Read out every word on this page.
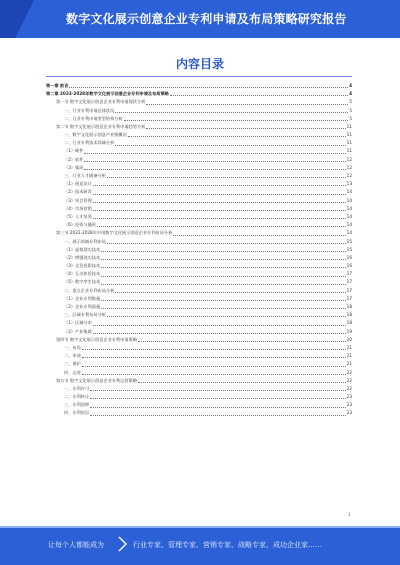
数字文化展示创意企业专利申请及布局策略研究报告
内容目录
第一章 前言	4
第二章 2023-2028年数字文化展示创意企业专利申请及布局策略	4
第一节 数字文化展示创意企业专利申请现状分析	5
一、行业专利申请总体状况	5
二、行业专利申请类型结构分析	5
第二节 数字文化展示创意企业专利申请趋势分析	11
一、数字文化展示创意产业链概况	11
二、行业专利技术领域分析	11
（1）硬件	11
（2）软件	12
（3）集成	12
三、行业人才储备分析	12
（1）创意设计	13
（2）技术研发	14
（3）项目管理	14
（4）市场营销	14
（5）人才培养	14
（6）投资与融资	14
第三节 2022-2028年中国数字文化展示创意企业专利布局分析	14
一、展示领域专利布局	15
（1）虚拟现实技术	15
（2）增强现实技术	16
（3）全息投影技术	16
（4）互动体验技术	17
（5）数字孪生技术	17
二、重点企业专利布局分析	17
（1）企业专利数量	17
（2）企业专利质量	18
三、区域专利布局分析	18
（1）区域分布	18
（2）产业集群	19
第四节 数字文化展示创意企业专利申请策略	20
一、布局	21
二、申请	21
三、保护	21
四、运营	22
第五节 数字文化展示创意企业专利运营策略	22
一、专利许可	22
二、专利转让	23
三、专利质押	23
四、专利诉讼	23
1
让每个人都能成为	行业专家、管理专家、营销专家、战略专家、成功企业家……
